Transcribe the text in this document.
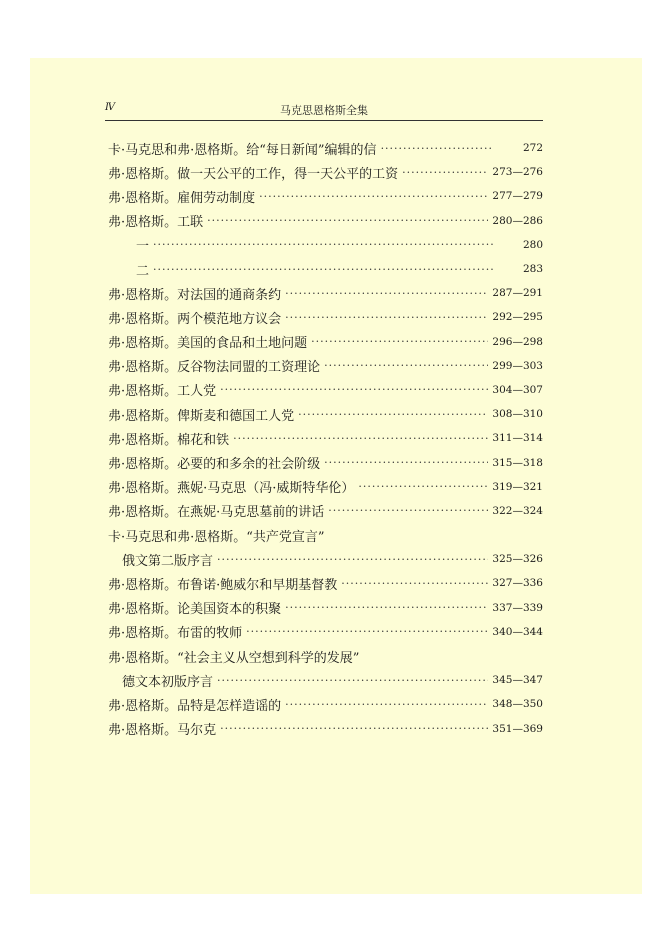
Ⅳ	马克思恩格斯全集
卡·马克思和弗·恩格斯。给“每日新闻”编辑的信 ·····	272
弗·恩格斯。做一天公平的工作，得一天公平的工资 ·····	273—276
弗·恩格斯。雇佣劳动制度 ·····	277—279
弗·恩格斯。工联 ·····	280—286
一 ·····	280
二 ·····	283
弗·恩格斯。对法国的通商条约 ·····	287—291
弗·恩格斯。两个模范地方议会 ·····	292—295
弗·恩格斯。美国的食品和土地问题 ·····	296—298
弗·恩格斯。反谷物法同盟的工资理论 ·····	299—303
弗·恩格斯。工人党 ·····	304—307
弗·恩格斯。俾斯麦和德国工人党 ·····	308—310
弗·恩格斯。棉花和铁 ·····	311—314
弗·恩格斯。必要的和多余的社会阶级 ·····	315—318
弗·恩格斯。燕妮·马克思（冯·威斯特华伦） ·····	319—321
弗·恩格斯。在燕妮·马克思墓前的讲话 ·····	322—324
卡·马克思和弗·恩格斯。“共产党宣言”
俄文第二版序言 ·····	325—326
弗·恩格斯。布鲁诺·鲍威尔和早期基督教 ·····	327—336
弗·恩格斯。论美国资本的积聚 ·····	337—339
弗·恩格斯。布雷的牧师 ·····	340—344
弗·恩格斯。“社会主义从空想到科学的发展”
德文本初版序言 ·····	345—347
弗·恩格斯。品特是怎样造谣的 ·····	348—350
弗·恩格斯。马尔克 ·····	351—369
